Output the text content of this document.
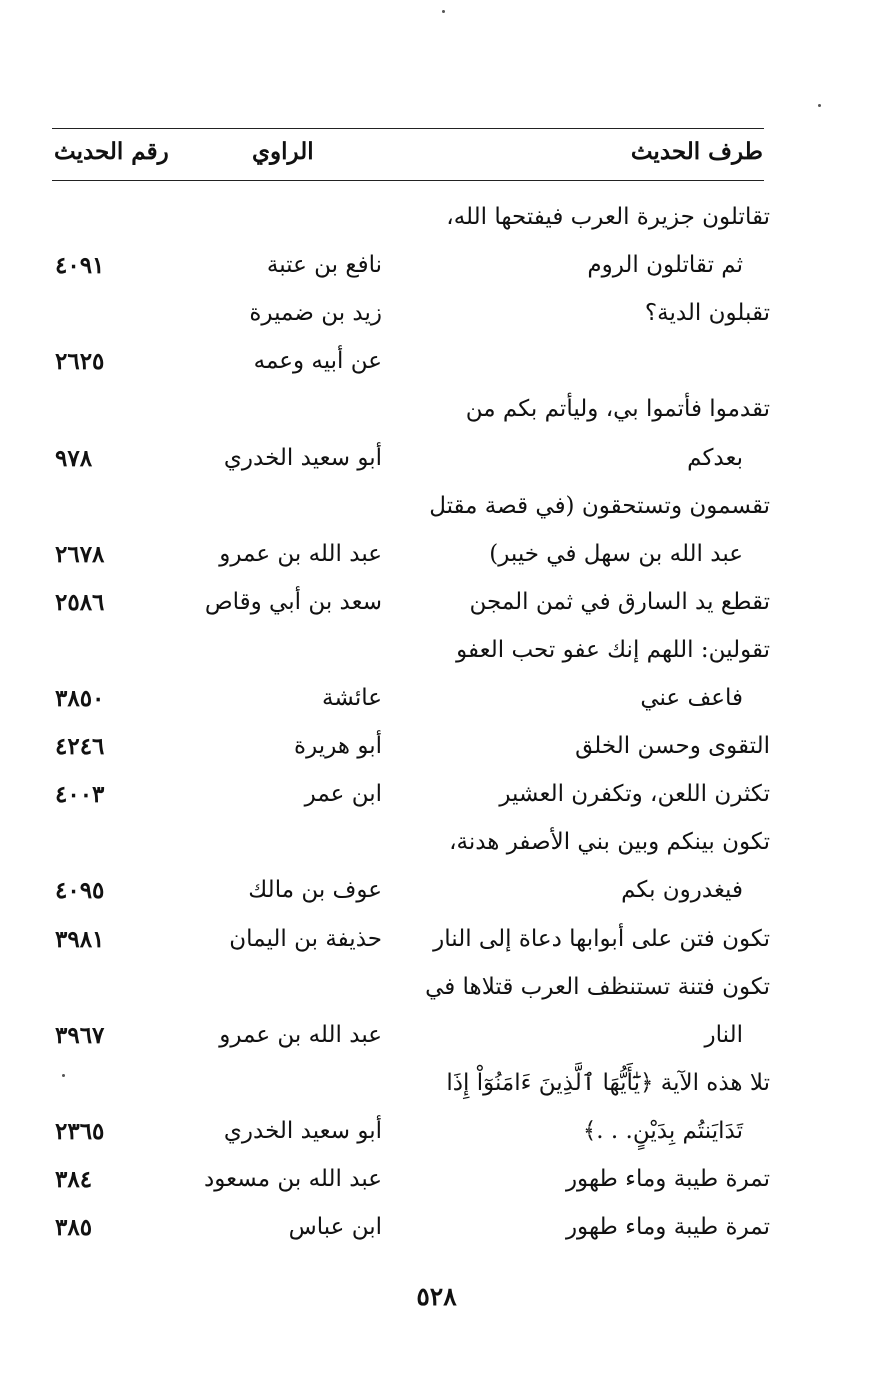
طرف الحديث
الراوي
رقم الحديث
تقاتلون جزيرة العرب فيفتحها الله،
ثم تقاتلون الروم
نافع بن عتبة
٤٠٩١
تقبلون الدية؟
زيد بن ضميرة
عن أبيه وعمه
٢٦٢٥
تقدموا فأتموا بي، وليأتم بكم من
بعدكم
أبو سعيد الخدري
٩٧٨
تقسمون وتستحقون (في قصة مقتل
عبد الله بن سهل في خيبر)
عبد الله بن عمرو
٢٦٧٨
تقطع يد السارق في ثمن المجن
سعد بن أبي وقاص
٢٥٨٦
تقولين: اللهم إنك عفو تحب العفو
فاعف عني
عائشة
٣٨٥٠
التقوى وحسن الخلق
أبو هريرة
٤٢٤٦
تكثرن اللعن، وتكفرن العشير
ابن عمر
٤٠٠٣
تكون بينكم وبين بني الأصفر هدنة،
فيغدرون بكم
عوف بن مالك
٤٠٩٥
تكون فتن على أبوابها دعاة إلى النار
حذيفة بن اليمان
٣٩٨١
تكون فتنة تستنظف العرب قتلاها في
النار
عبد الله بن عمرو
٣٩٦٧
تلا هذه الآية ﴿يَٰٓأَيُّهَا ٱلَّذِينَ ءَامَنُوٓاْ إِذَا
تَدَايَنتُم بِدَيْنٍ. . .﴾
أبو سعيد الخدري
٢٣٦٥
تمرة طيبة وماء طهور
عبد الله بن مسعود
٣٨٤
تمرة طيبة وماء طهور
ابن عباس
٣٨٥
٥٢٨
